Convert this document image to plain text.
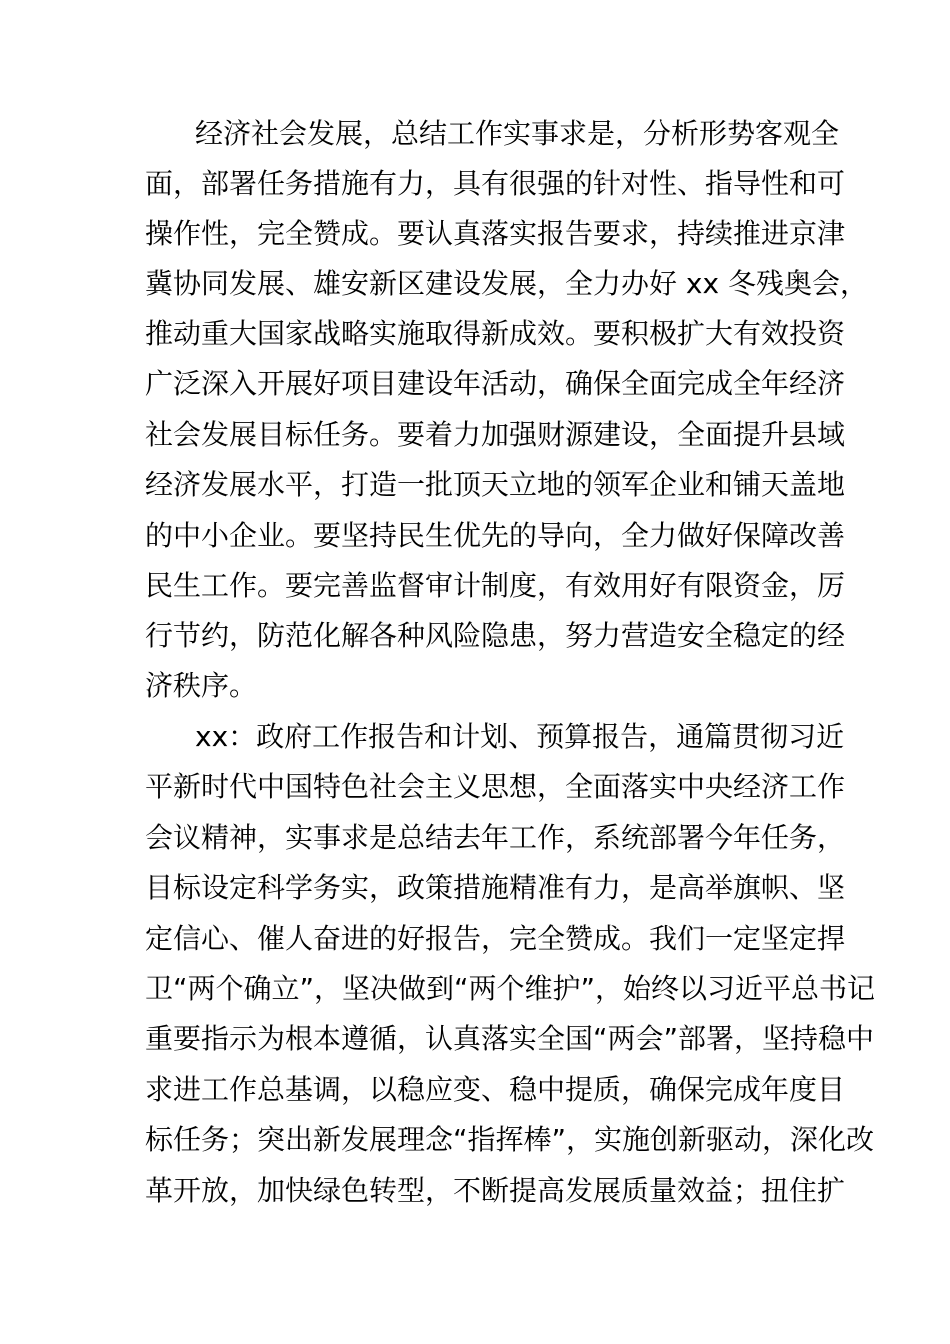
经济社会发展，总结工作实事求是，分析形势客观全

面，部署任务措施有力，具有很强的针对性、指导性和可

操作性，完全赞成。要认真落实报告要求，持续推进京津

冀协同发展、雄安新区建设发展，全力办好 xx 冬残奥会，

推动重大国家战略实施取得新成效。要积极扩大有效投资

广泛深入开展好项目建设年活动，确保全面完成全年经济

社会发展目标任务。要着力加强财源建设，全面提升县域

经济发展水平，打造一批顶天立地的领军企业和铺天盖地

的中小企业。要坚持民生优先的导向，全力做好保障改善

民生工作。要完善监督审计制度，有效用好有限资金，厉

行节约，防范化解各种风险隐患，努力营造安全稳定的经

济秩序。

xx：政府工作报告和计划、预算报告，通篇贯彻习近

平新时代中国特色社会主义思想，全面落实中央经济工作

会议精神，实事求是总结去年工作，系统部署今年任务，

目标设定科学务实，政策措施精准有力，是高举旗帜、坚

定信心、催人奋进的好报告，完全赞成。我们一定坚定捍

卫“两个确立”，坚决做到“两个维护”，始终以习近平总书记

重要指示为根本遵循，认真落实全国“两会”部署，坚持稳中

求进工作总基调，以稳应变、稳中提质，确保完成年度目

标任务；突出新发展理念“指挥棒”，实施创新驱动，深化改

革开放，加快绿色转型，不断提高发展质量效益；扭住扩
